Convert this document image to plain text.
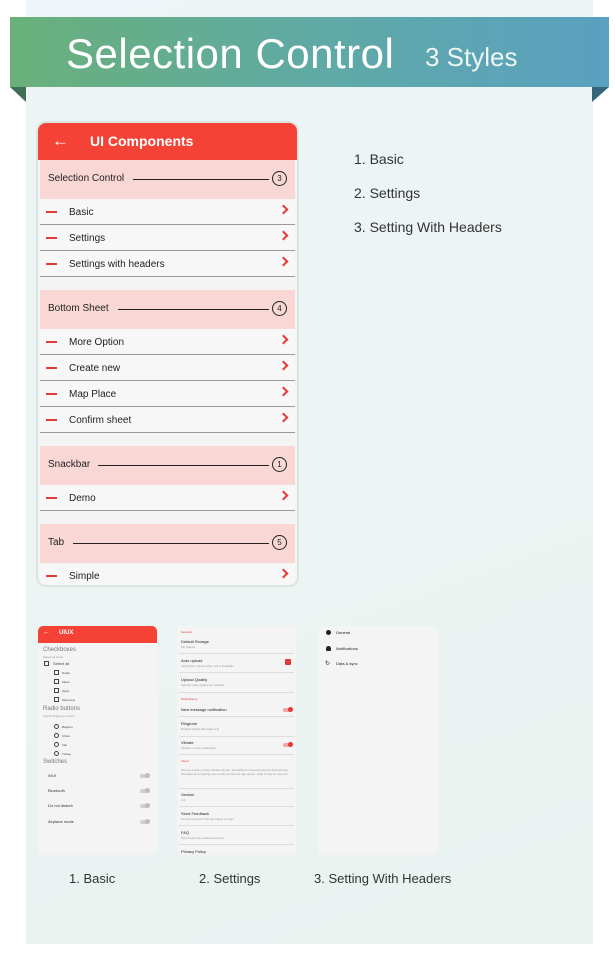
Selection Control 3 Styles
← UI Components
Selection Control	3
Basic
Settings
Settings with headers
Bottom Sheet	4
More Option
Create new
Map Place
Confirm sheet
Snackbar	1
Demo
Tab	5
Simple
1. Basic
2. Settings
3. Setting With Headers
← UIUX
Checkboxes
Select all items
Select all
Nokia
Motor
Oppo
Samsung
Radio buttons
Select Shipping country
Belgium
China
Iran
Turkey
Switches
Wi-fi
Bluetooth
Do not disturb
Airplane mode
General
Default Storage
My Videos
Auto upload
Upload the videos when wifi is available
Upload Quality
Specify video quality for uploads
Notifications
New message notification
Ringtone
Default (Notice Message 01)
Vibrate
Vibrate on new notification
About
We are a team of like-minded people, specialized in development of Android App Development creating new trends across the app space. Glad to help to improve
Version
4.4
Send Feedback
Got any queries? We are happy to help!
FAQ
View frequently asked questions
Privacy Policy
General
Notifications
↻ Data & sync
1. Basic	2. Settings	3. Setting With Headers
